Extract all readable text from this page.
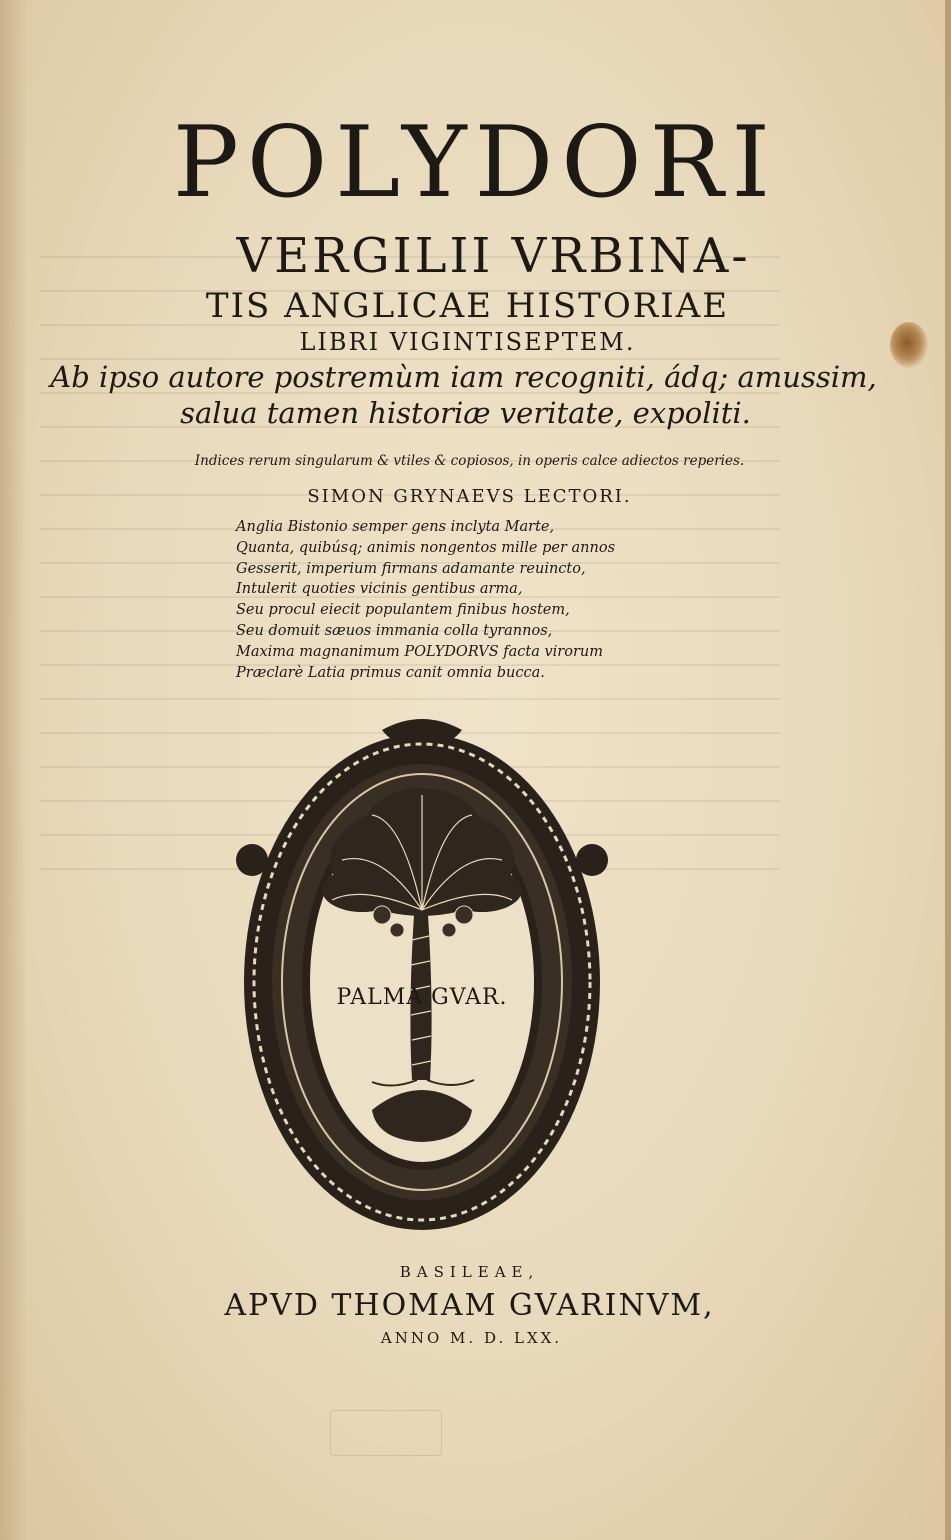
POLYDORI
VERGILII VRBINA-
TIS ANGLICAE HISTORIAE
LIBRI VIGINTISEPTEM.
Ab ipso autore postremùm iam recogniti, ádq; amussim,
salua tamen historiæ veritate, expoliti.
Indices rerum singularum & vtiles & copiosos, in operis calce adiectos reperies.
SIMON GRYNAEVS LECTORI.
Anglia Bistonio semper gens inclyta Marte,
Quanta, quibúsq; animis nongentos mille per annos
Gesserit, imperium firmans adamante reuincto,
Intulerit quoties vicinis gentibus arma,
Seu procul eiecit populantem finibus hostem,
Seu domuit sæuos immania colla tyrannos,
Maxima magnanimum POLYDORVS facta virorum
Præclarè Latia primus canit omnia bucca.
PALMA GVAR.
BASILEAE,
APVD THOMAM GVARINVM,
ANNO M. D. LXX.
